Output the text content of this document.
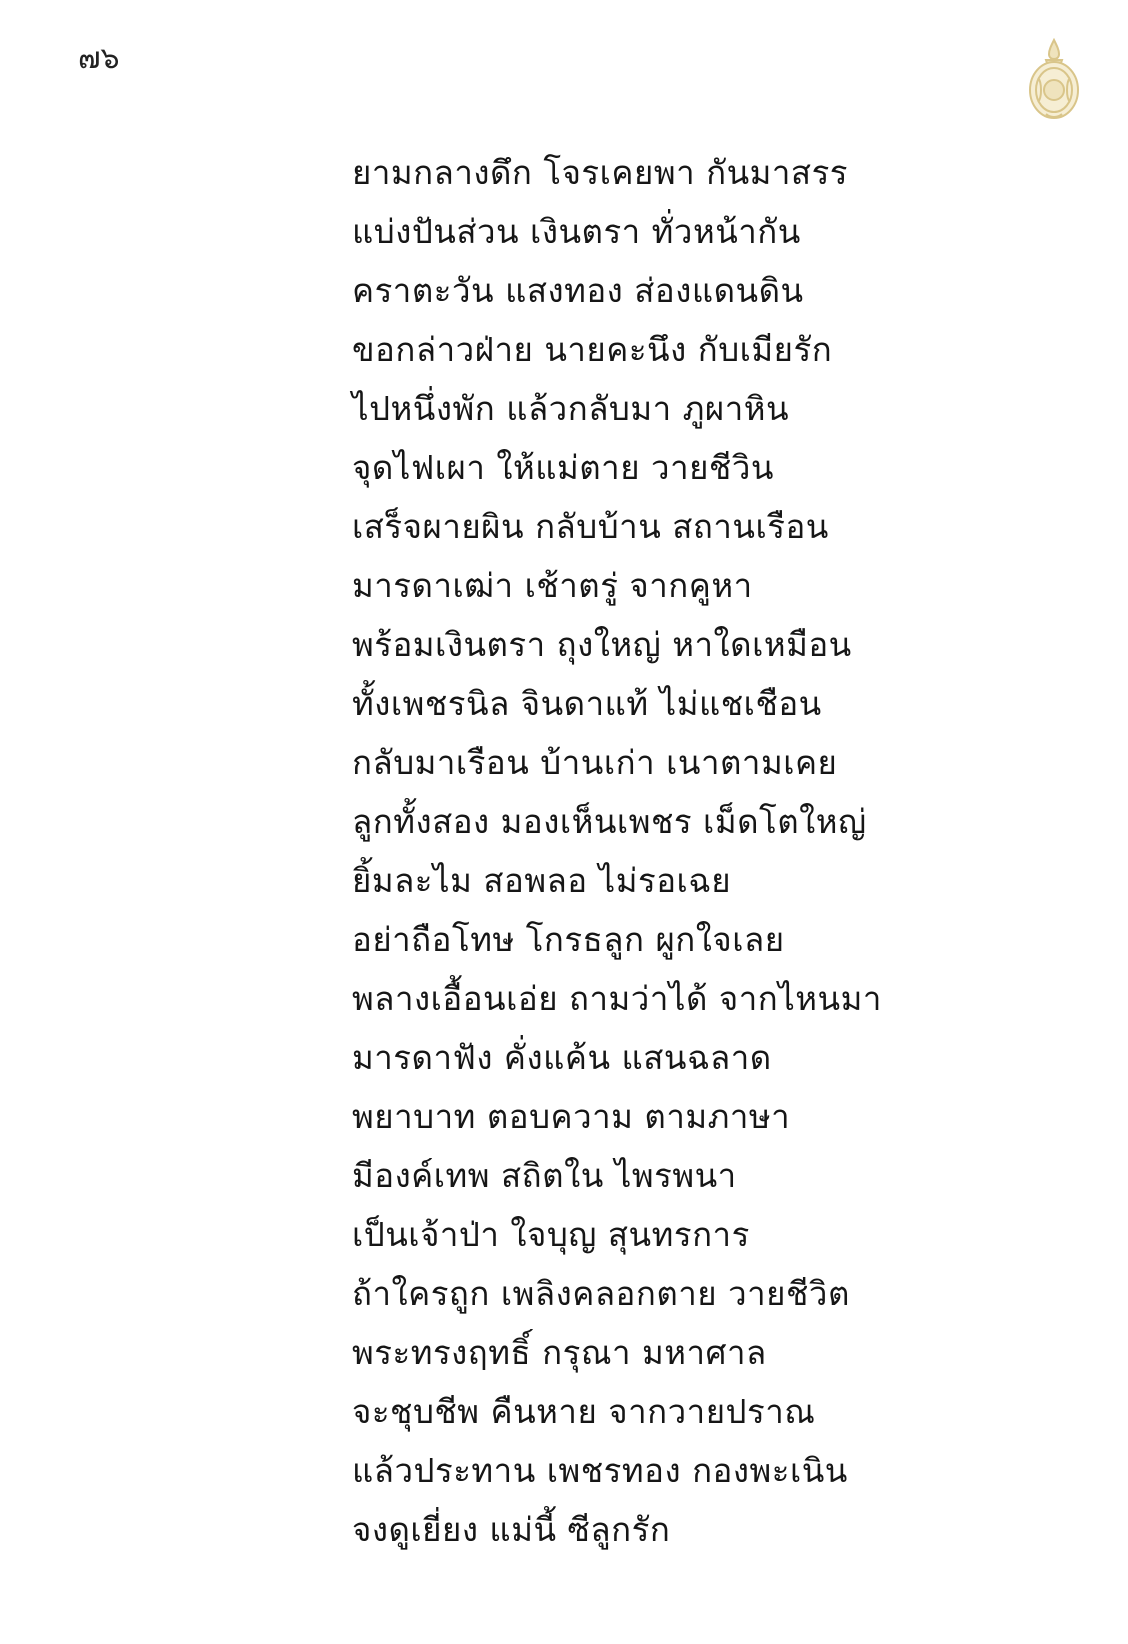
๗๖
ยามกลางดึก โจรเคยพา กันมาสรร
แบ่งปันส่วน เงินตรา ทั่วหน้ากัน
คราตะวัน แสงทอง ส่องแดนดิน
ขอกล่าวฝ่าย นายคะนึง กับเมียรัก
ไปหนึ่งพัก แล้วกลับมา ภูผาหิน
จุดไฟเผา ให้แม่ตาย วายชีวิน
เสร็จผายผิน กลับบ้าน สถานเรือน
มารดาเฒ่า เช้าตรู่ จากคูหา
พร้อมเงินตรา ถุงใหญ่ หาใดเหมือน
ทั้งเพชรนิล จินดาแท้ ไม่แชเชือน
กลับมาเรือน บ้านเก่า เนาตามเคย
ลูกทั้งสอง มองเห็นเพชร เม็ดโตใหญ่
ยิ้มละไม สอพลอ ไม่รอเฉย
อย่าถือโทษ โกรธลูก ผูกใจเลย
พลางเอื้อนเอ่ย ถามว่าได้ จากไหนมา
มารดาฟัง คั่งแค้น แสนฉลาด
พยาบาท ตอบความ ตามภาษา
มีองค์เทพ สถิตใน ไพรพนา
เป็นเจ้าป่า ใจบุญ สุนทรการ
ถ้าใครถูก เพลิงคลอกตาย วายชีวิต
พระทรงฤทธิ์ กรุณา มหาศาล
จะชุบชีพ คืนหาย จากวายปราณ
แล้วประทาน เพชรทอง กองพะเนิน
จงดูเยี่ยง แม่นี้ ซีลูกรัก
